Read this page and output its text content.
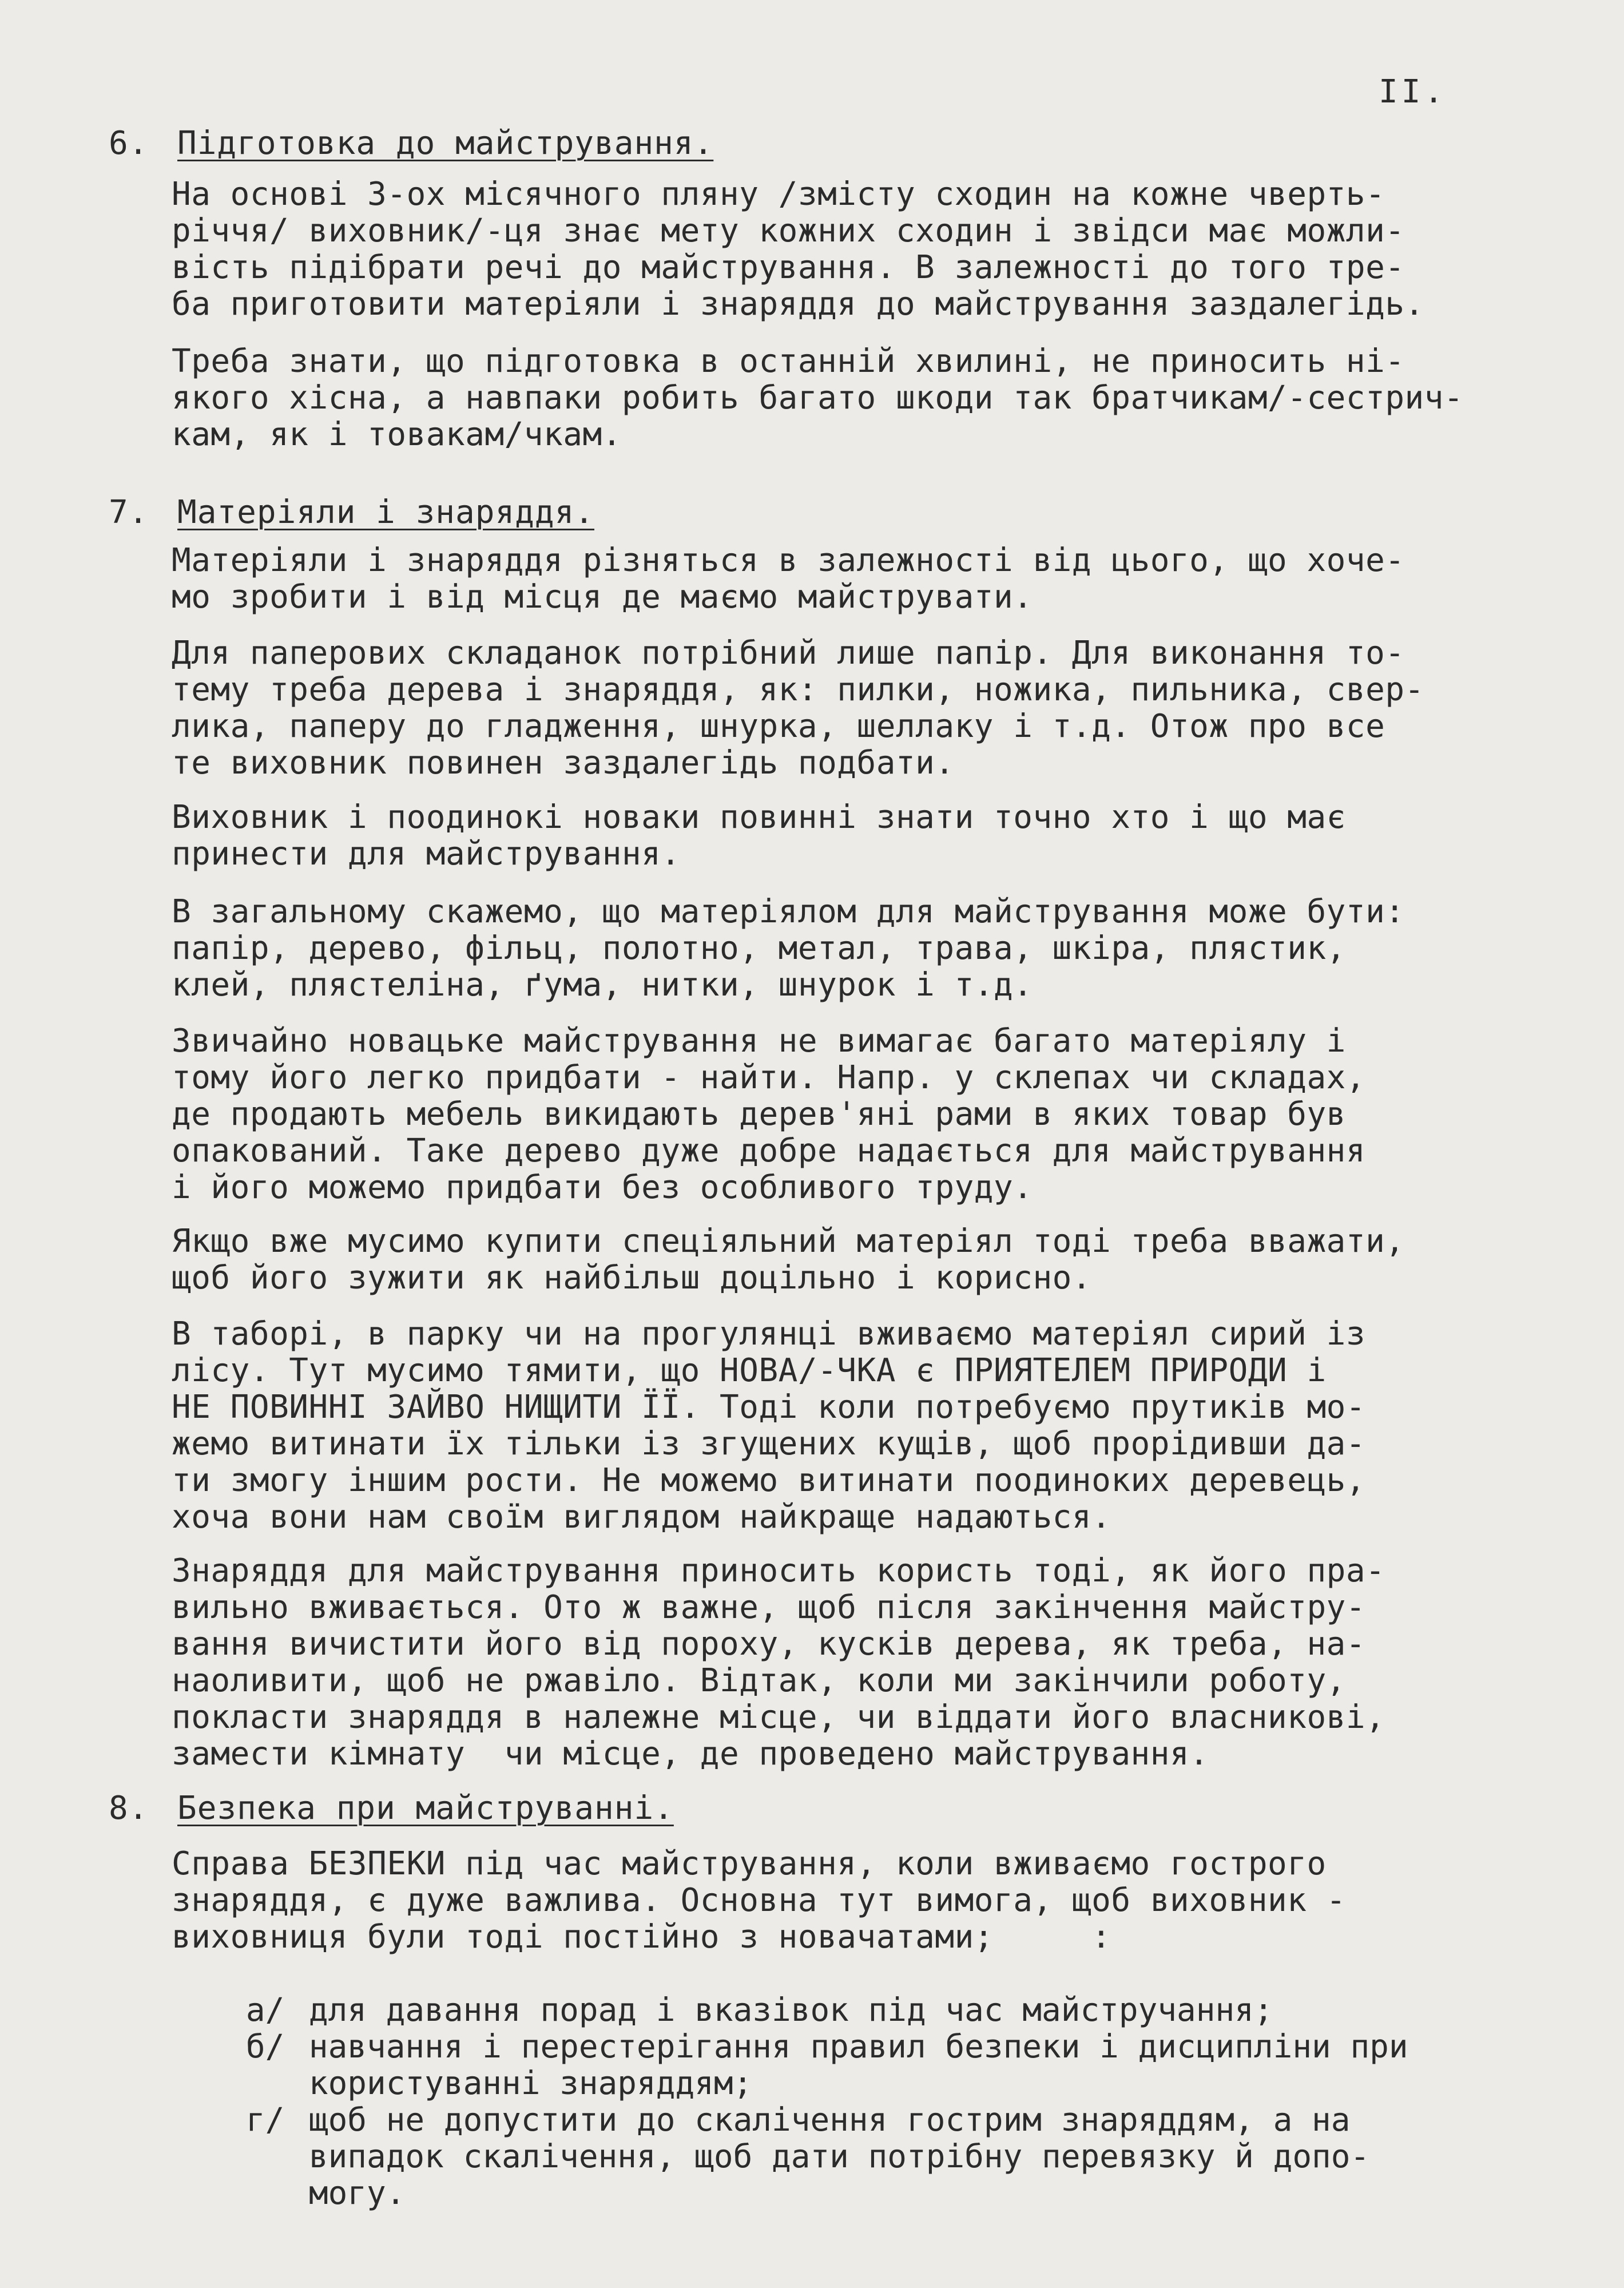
II.
6. Підготовка до майстрування.
На основі 3-ох місячного пляну /змісту сходин на кожне чверть-
річчя/ виховник/-ця знає мету кожних сходин і звідси має можли-
вість підібрати речі до майстрування. В залежності до того тре-
ба приготовити матеріяли і знаряддя до майстрування заздалегідь.
Треба знати, що підготовка в останній хвилині, не приносить ні-
якого хісна, а навпаки робить багато шкоди так братчикам/-сестрич-
кам, як і товакам/чкам.
7. Матеріяли і знаряддя.
Матеріяли і знаряддя різняться в залежності від цього, що хоче-
мо зробити і від місця де маємо майструвати.
Для паперових складанок потрібний лише папір. Для виконання то-
тему треба дерева і знаряддя, як: пилки, ножика, пильника, свер-
лика, паперу до гладження, шнурка, шеллаку і т.д. Отож про все
те виховник повинен заздалегідь подбати.
Виховник і поодинокі новаки повинні знати точно хто і що має
принести для майстрування.
В загальному скажемо, що матеріялом для майстрування може бути:
папір, дерево, фільц, полотно, метал, трава, шкіра, плястик,
клей, плястеліна, ґума, нитки, шнурок і т.д.
Звичайно новацьке майстрування не вимагає багато матеріялу і
тому його легко придбати - найти. Напр. у склепах чи складах,
де продають мебель викидають дерев'яні рами в яких товар був
опакований. Таке дерево дуже добре надається для майстрування
і його можемо придбати без особливого труду.
Якщо вже мусимо купити спеціяльний матеріял тоді треба вважати,
щоб його зужити як найбільш доцільно і корисно.
В таборі, в парку чи на прогулянці вживаємо матеріял сирий із
лісу. Тут мусимо тямити, що НОВА/-ЧКА є ПРИЯТЕЛЕМ ПРИРОДИ і
НЕ ПОВИННІ ЗАЙВО НИЩИТИ ЇЇ. Тоді коли потребуємо прутиків мо-
жемо витинати їх тільки із згущених кущів, щоб прорідивши да-
ти змогу іншим рости. Не можемо витинати поодиноких деревець,
хоча вони нам своїм виглядом найкраще надаються.
Знаряддя для майстрування приносить користь тоді, як його пра-
вильно вживається. Ото ж важне, щоб після закінчення майстру-
вання вичистити його від пороху, кусків дерева, як треба, на-
наоливити, щоб не ржавіло. Відтак, коли ми закінчили роботу,
покласти знаряддя в належне місце, чи віддати його власникові,
замести кімнату  чи місце, де проведено майстрування.
8. Безпека при майструванні.
Справа БЕЗПЕКИ під час майстрування, коли вживаємо гострого
знаряддя, є дуже важлива. Основна тут вимога, щоб виховник -
виховниця були тоді постійно з новачатами;     :

а/ для давання порад і вказівок під час майстручання;

б/ навчання і перестерігання правил безпеки і дисципліни при
користуванні знаряддям;

г/ щоб не допустити до скалічення гострим знаряддям, а на
випадок скалічення, щоб дати потрібну перевязку й допо-
могу.
